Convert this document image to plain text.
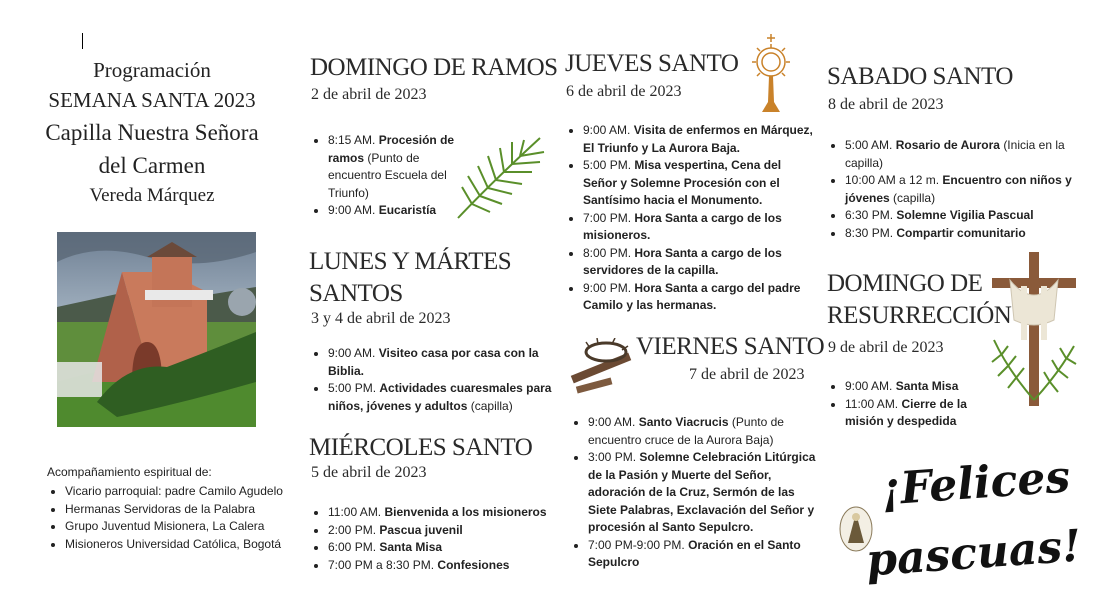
Programación
SEMANA SANTA 2023
Capilla Nuestra Señora
del Carmen
Vereda Márquez
Acompañamiento espiritual de:
• Vicario parroquial: padre Camilo Agudelo
• Hermanas Servidoras de la Palabra
• Grupo Juventud Misionera, La Calera
• Misioneros Universidad Católica, Bogotá
DOMINGO DE RAMOS
2 de abril de 2023
• 8:15 AM. Procesión de ramos (Punto de encuentro Escuela del Triunfo)
• 9:00 AM. Eucaristía
LUNES Y MÁRTES
SANTOS
3 y 4 de abril de 2023
• 9:00 AM. Visiteo casa por casa con la Biblia.
• 5:00 PM. Actividades cuaresmales para niños, jóvenes y adultos (capilla)
MIÉRCOLES SANTO
5 de abril de 2023
• 11:00 AM. Bienvenida a los misioneros
• 2:00 PM. Pascua juvenil
• 6:00 PM. Santa Misa
• 7:00 PM a 8:30 PM. Confesiones
JUEVES SANTO
6 de abril de 2023
• 9:00 AM. Visita de enfermos en Márquez, El Triunfo y La Aurora Baja.
• 5:00 PM. Misa vespertina, Cena del Señor y Solemne Procesión con el Santísimo hacia el Monumento.
• 7:00 PM. Hora Santa a cargo de los misioneros.
• 8:00 PM. Hora Santa a cargo de los servidores de la capilla.
• 9:00 PM. Hora Santa a cargo del padre Camilo y las hermanas.
VIERNES SANTO
7 de abril de 2023
• 9:00 AM. Santo Viacrucis (Punto de encuentro cruce de la Aurora Baja)
• 3:00 PM. Solemne Celebración Litúrgica de la Pasión y Muerte del Señor, adoración de la Cruz, Sermón de las Siete Palabras, Exclavación del Señor y procesión al Santo Sepulcro.
• 7:00 PM-9:00 PM. Oración en el Santo Sepulcro
SABADO SANTO
8 de abril de 2023
• 5:00 AM. Rosario de Aurora (Inicia en la capilla)
• 10:00 AM a 12 m. Encuentro con niños y jóvenes (capilla)
• 6:30 PM. Solemne Vigilia Pascual
• 8:30 PM. Compartir comunitario
DOMINGO DE
RESURRECCIÓN
9 de abril de 2023
• 9:00 AM. Santa Misa
• 11:00 AM. Cierre de la misión y despedida
¡Felices
pascuas!
